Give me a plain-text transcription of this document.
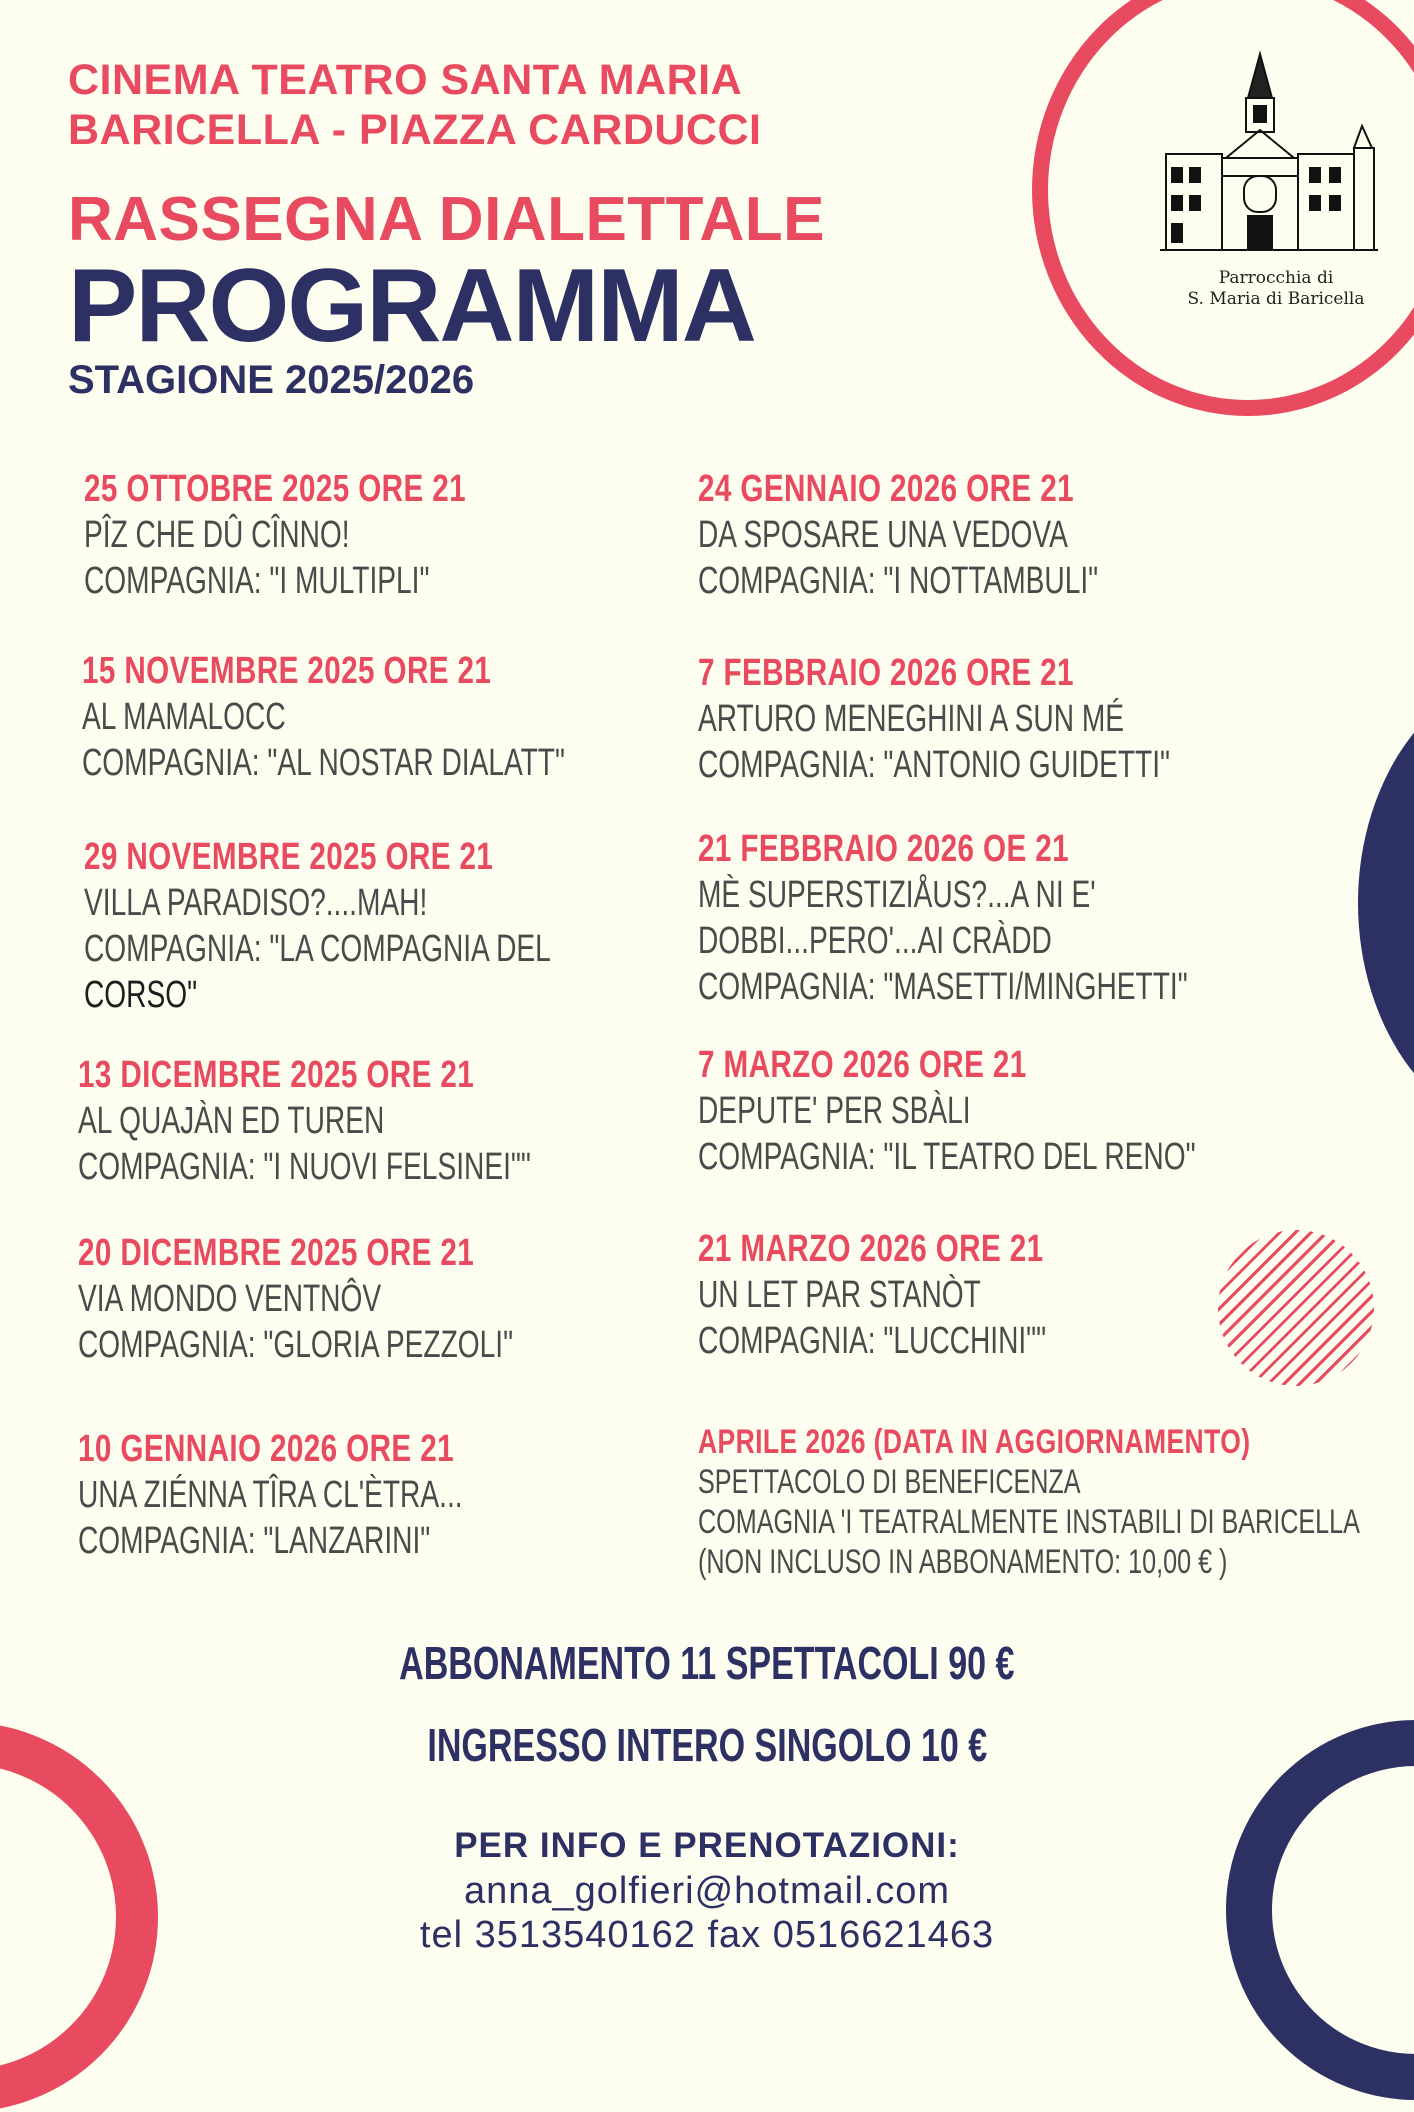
Parrocchia di
S. Maria di Baricella
CINEMA TEATRO SANTA MARIA
BARICELLA - PIAZZA CARDUCCI
RASSEGNA DIALETTALE
PROGRAMMA
STAGIONE 2025/2026
25 OTTOBRE 2025 ORE 21
PÎZ CHE DÛ CÎNNO!
COMPAGNIA: "I MULTIPLI"
15 NOVEMBRE 2025 ORE 21
AL MAMALOCC
COMPAGNIA: "AL NOSTAR DIALATT"
29 NOVEMBRE 2025 ORE 21
VILLA PARADISO?....MAH!
COMPAGNIA: "LA COMPAGNIA DEL
CORSO"
13 DICEMBRE 2025 ORE 21
AL QUAJÀN ED TUREN
COMPAGNIA: "I NUOVI FELSINEI""
20 DICEMBRE 2025 ORE 21
VIA MONDO VENTNÔV
COMPAGNIA: "GLORIA PEZZOLI"
10 GENNAIO 2026 ORE 21
UNA ZIÉNNA TÎRA CL'ÈTRA...
COMPAGNIA: "LANZARINI"
24 GENNAIO 2026 ORE 21
DA SPOSARE UNA VEDOVA
COMPAGNIA: "I NOTTAMBULI"
7 FEBBRAIO 2026 ORE 21
ARTURO MENEGHINI A SUN MÉ
COMPAGNIA: "ANTONIO GUIDETTI"
21 FEBBRAIO 2026 OE 21
MÈ SUPERSTIZIÅUS?...A NI E'
DOBBI...PERO'...AI CRÀDD
COMPAGNIA: "MASETTI/MINGHETTI"
7 MARZO 2026 ORE 21
DEPUTE' PER SBÀLI
COMPAGNIA: "IL TEATRO DEL RENO"
21 MARZO 2026 ORE 21
UN LET PAR STANÒT
COMPAGNIA: "LUCCHINI""
APRILE 2026 (DATA IN AGGIORNAMENTO)
SPETTACOLO DI BENEFICENZA
COMAGNIA 'I TEATRALMENTE INSTABILI DI BARICELLA
(NON INCLUSO IN ABBONAMENTO: 10,00 € )
ABBONAMENTO 11 SPETTACOLI 90 €
INGRESSO INTERO SINGOLO 10 €
PER INFO E PRENOTAZIONI:
anna_golfieri@hotmail.com
tel 3513540162 fax 0516621463
